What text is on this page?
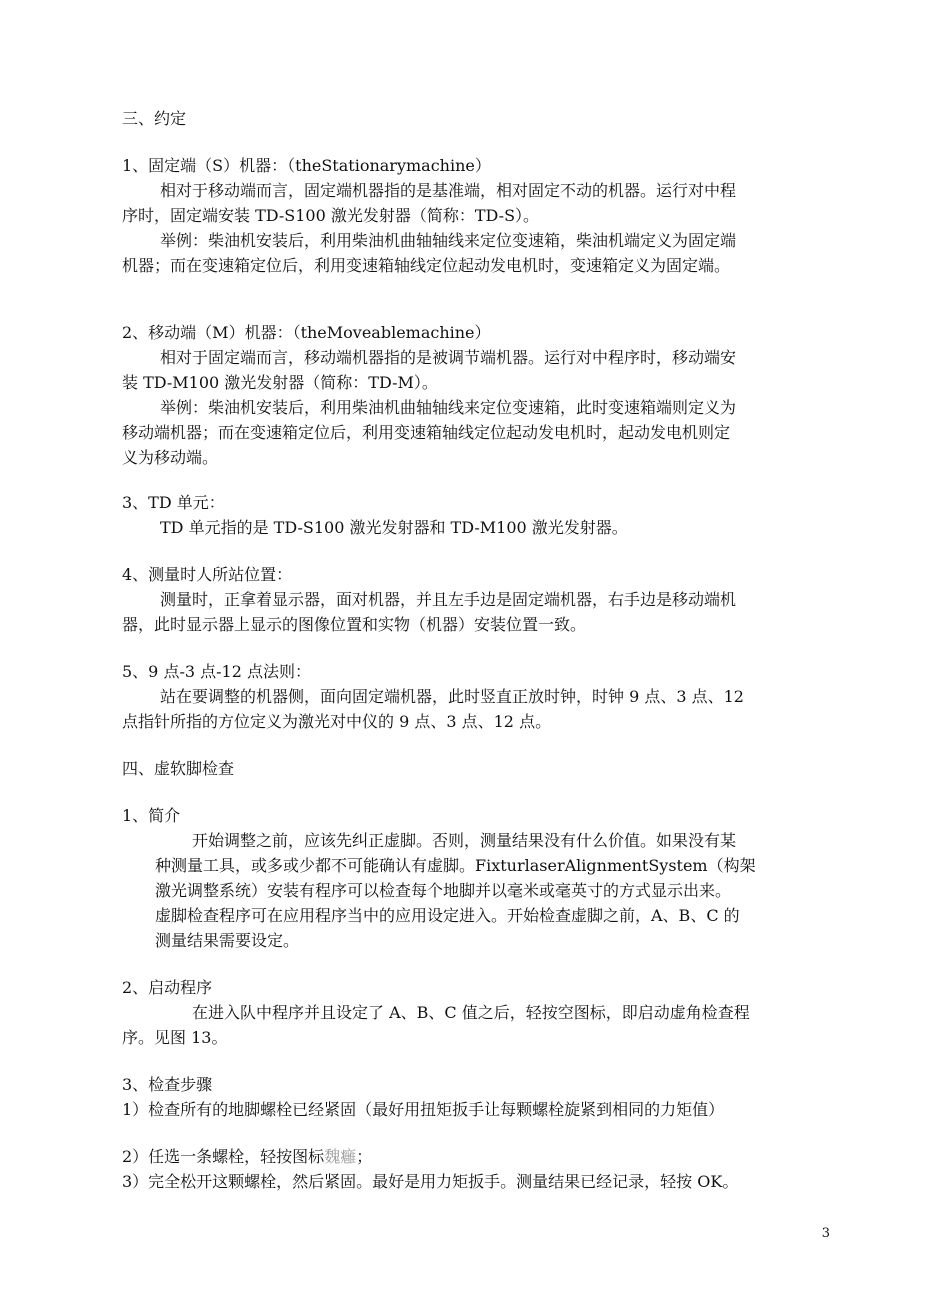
三、约定
1、固定端（S）机器：（theStationarymachine）
相对于移动端而言，固定端机器指的是基准端，相对固定不动的机器。运行对中程
序时，固定端安装 TD-S100 激光发射器（简称：TD-S）。
举例：柴油机安装后，利用柴油机曲轴轴线来定位变速箱，柴油机端定义为固定端
机器；而在变速箱定位后，利用变速箱轴线定位起动发电机时，变速箱定义为固定端。
2、移动端（M）机器：（theMoveablemachine）
相对于固定端而言，移动端机器指的是被调节端机器。运行对中程序时，移动端安
装 TD-M100 激光发射器（简称：TD-M）。
举例：柴油机安装后，利用柴油机曲轴轴线来定位变速箱，此时变速箱端则定义为
移动端机器；而在变速箱定位后，利用变速箱轴线定位起动发电机时，起动发电机则定
义为移动端。
3、TD 单元：
TD 单元指的是 TD-S100 激光发射器和 TD-M100 激光发射器。
4、测量时人所站位置：
测量时，正拿着显示器，面对机器，并且左手边是固定端机器，右手边是移动端机
器，此时显示器上显示的图像位置和实物（机器）安装位置一致。
5、9 点-3 点-12 点法则：
站在要调整的机器侧，面向固定端机器，此时竖直正放时钟，时钟 9 点、3 点、12
点指针所指的方位定义为激光对中仪的 9 点、3 点、12 点。
四、虚软脚检查
1、简介
开始调整之前，应该先纠正虚脚。否则，测量结果没有什么价值。如果没有某
种测量工具，或多或少都不可能确认有虚脚。FixturlaserAlignmentSystem（构架
激光调整系统）安装有程序可以检查每个地脚并以毫米或毫英寸的方式显示出来。
虚脚检查程序可在应用程序当中的应用设定进入。开始检查虚脚之前，A、B、C 的
测量结果需要设定。
2、启动程序
在进入队中程序并且设定了 A、B、C 值之后，轻按空图标，即启动虚角检查程
序。见图 13。
3、检查步骤
1）检查所有的地脚螺栓已经紧固（最好用扭矩扳手让每颗螺栓旋紧到相同的力矩值）
2）任选一条螺栓，轻按图标魏癰；
3）完全松开这颗螺栓，然后紧固。最好是用力矩扳手。测量结果已经记录，轻按 OK。
3
